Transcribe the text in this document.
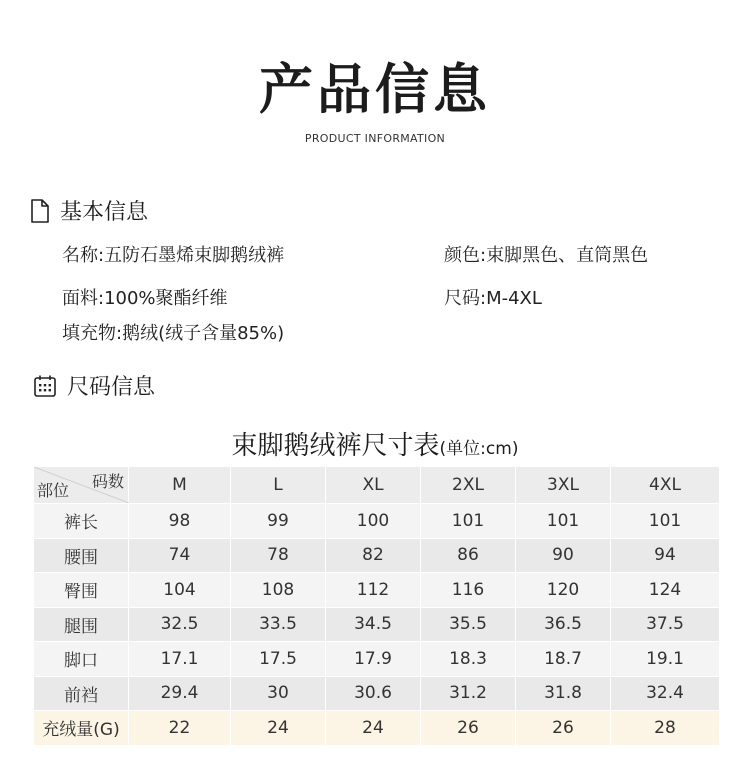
产品信息
PRODUCT INFORMATION
基本信息
名称:五防石墨烯束脚鹅绒裤	颜色:束脚黑色、直筒黑色
面料:100%聚酯纤维	尺码:M-4XL
填充物:鹅绒(绒子含量85%)
尺码信息
束脚鹅绒裤尺寸表(单位:cm)
码数
部位	M	L	XL	2XL	3XL	4XL
裤长	98	99	100	101	101	101
腰围	74	78	82	86	90	94
臀围	104	108	112	116	120	124
腿围	32.5	33.5	34.5	35.5	36.5	37.5
脚口	17.1	17.5	17.9	18.3	18.7	19.1
前裆	29.4	30	30.6	31.2	31.8	32.4
充绒量(G)	22	24	24	26	26	28
